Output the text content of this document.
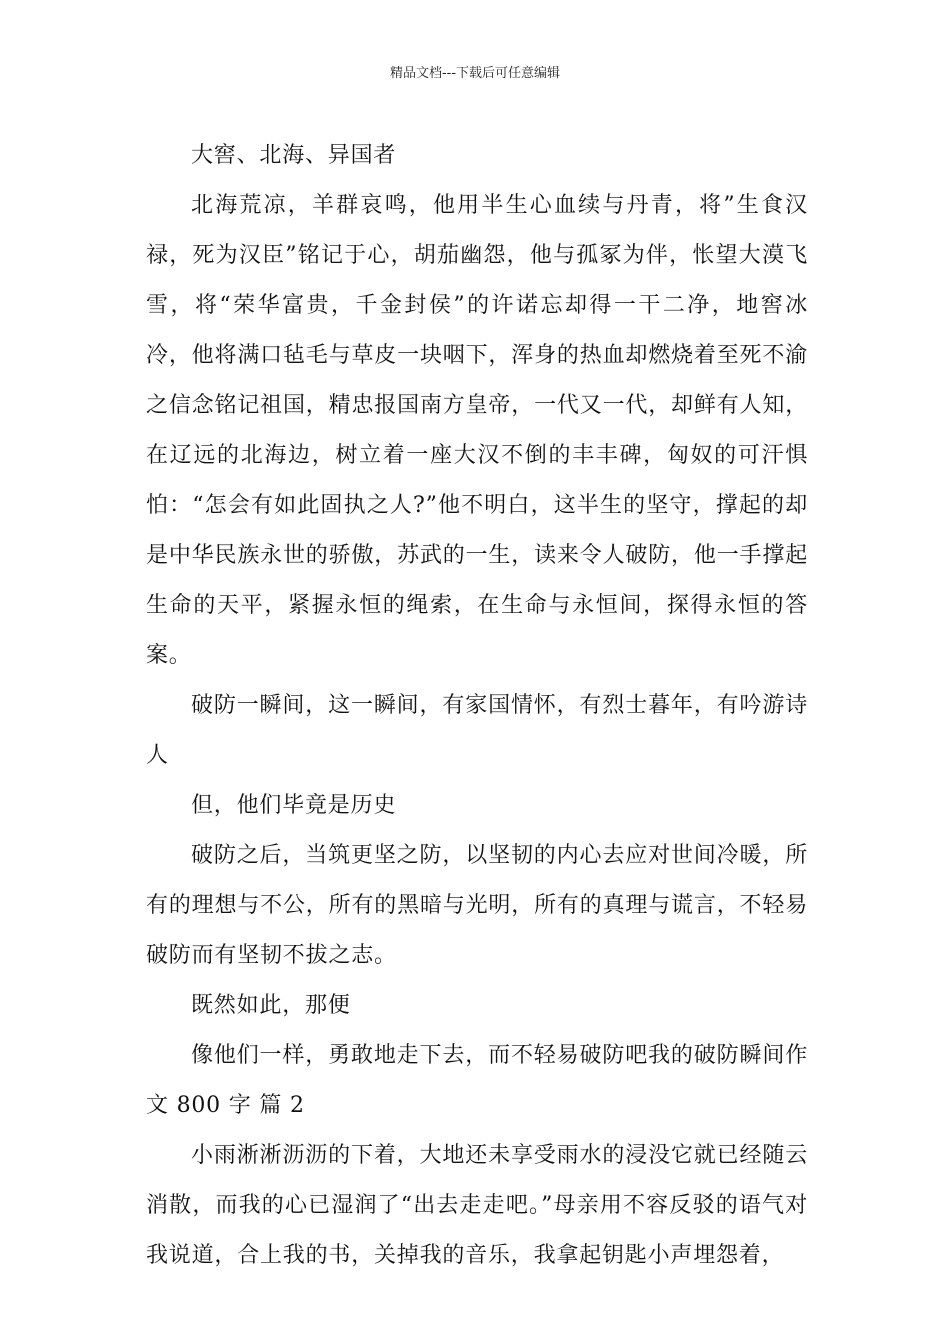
精品文档---下载后可任意编辑

大窖、北海、异国者

北海荒凉，羊群哀鸣，他用半生心血续与丹青，将”生食汉禄，死为汉臣”铭记于心，胡茄幽怨，他与孤冢为伴，怅望大漠飞雪，将“荣华富贵，千金封侯”的许诺忘却得一干二净，地窖冰冷，他将满口毡毛与草皮一块咽下，浑身的热血却燃烧着至死不渝之信念铭记祖国，精忠报国南方皇帝，一代又一代，却鲜有人知，在辽远的北海边，树立着一座大汉不倒的丰丰碑，匈奴的可汗惧怕：“怎会有如此固执之人?”他不明白，这半生的坚守，撑起的却是中华民族永世的骄傲，苏武的一生，读来令人破防，他一手撑起生命的天平，紧握永恒的绳索，在生命与永恒间，探得永恒的答案。

破防一瞬间，这一瞬间，有家国情怀，有烈士暮年，有吟游诗人

但，他们毕竟是历史

破防之后，当筑更坚之防，以坚韧的内心去应对世间冷暖，所有的理想与不公，所有的黑暗与光明，所有的真理与谎言，不轻易破防而有坚韧不拔之志。

既然如此，那便

像他们一样，勇敢地走下去，而不轻易破防吧我的破防瞬间作文 800 字 篇 2

小雨淅淅沥沥的下着，大地还未享受雨水的浸没它就已经随云消散，而我的心已湿润了“出去走走吧。”母亲用不容反驳的语气对我说道，合上我的书，关掉我的音乐，我拿起钥匙小声埋怨着，
